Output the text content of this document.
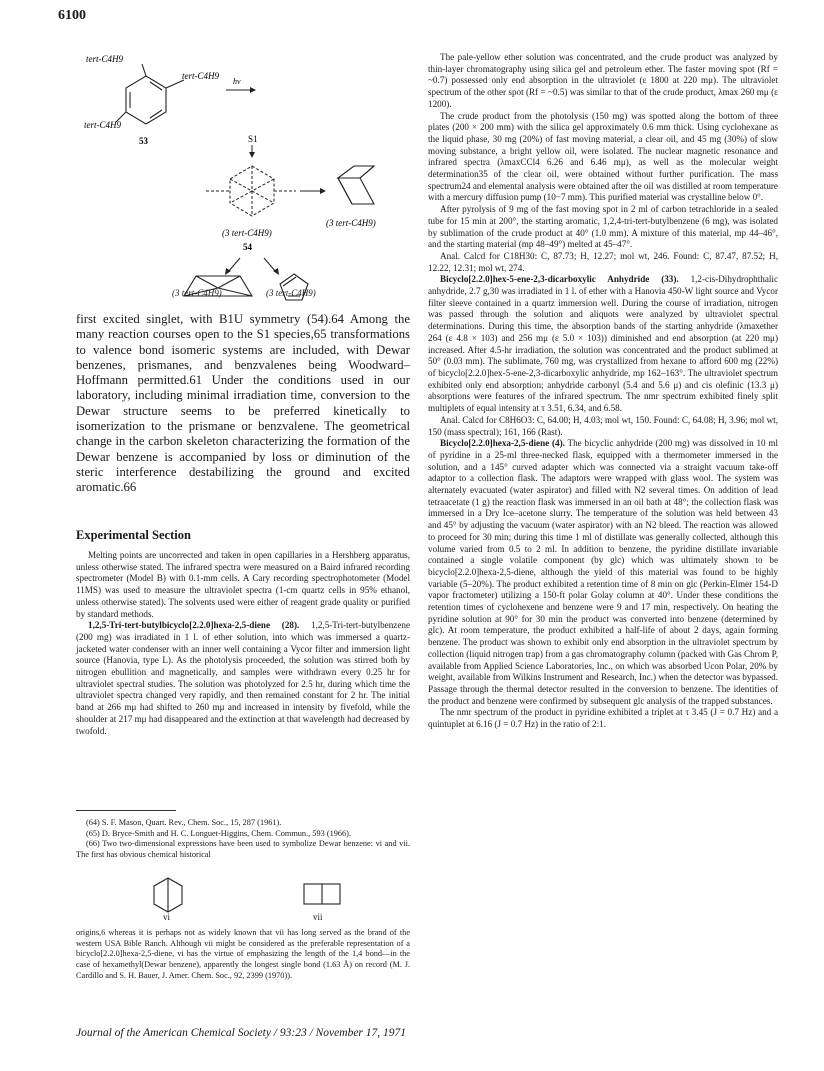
6100
tert-C4H9
tert-C4H9
tert-C4H9
53
hν
S1
(3 tert-C4H9)
54
(3 tert-C4H9)
(3 tert-C4H9)	(3 tert-C4H9)

first excited singlet, with B1U symmetry (54).64 Among the many reaction courses open to the S1 species,65 transformations to valence bond isomeric systems are included, with Dewar benzenes, prismanes, and benzvalenes being Woodward–Hoffmann permitted.61 Under the conditions used in our laboratory, including minimal irradiation time, conversion to the Dewar structure seems to be preferred kinetically to isomerization to the prismane or benzvalene. The geometrical change in the carbon skeleton characterizing the formation of the Dewar benzene is accompanied by loss or diminution of the steric interference destabilizing the ground and excited aromatic.66

Experimental Section

Melting points are uncorrected and taken in open capillaries in a Hershberg apparatus, unless otherwise stated. The infrared spectra were measured on a Baird infrared recording spectrometer (Model B) with 0.1-mm cells. A Cary recording spectrophotometer (Model 11MS) was used to measure the ultraviolet spectra (1-cm quartz cells in 95% ethanol, unless otherwise stated). The solvents used were either of reagent grade quality or purified by standard methods.

1,2,5-Tri-tert-butylbicyclo[2.2.0]hexa-2,5-diene (28). 1,2,5-Tri-tert-butylbenzene (200 mg) was irradiated in 1 l. of ether solution, into which was immersed a quartz-jacketed water condenser with an inner well containing a Vycor filter and immersion light source (Hanovia, type L). As the photolysis proceeded, the solution was stirred both by nitrogen ebullition and magnetically, and samples were withdrawn every 0.25 hr for ultraviolet spectral studies. The solution was photolyzed for 2.5 hr, during which time the ultraviolet spectra changed very rapidly, and then remained constant for 2 hr. The initial band at 266 mμ had shifted to 260 mμ and increased in intensity by fivefold, while the shoulder at 217 mμ had disappeared and the extinction at that wavelength had decreased by twofold.

(64) S. F. Mason, Quart. Rev., Chem. Soc., 15, 287 (1961).

(65) D. Bryce-Smith and H. C. Longuet-Higgins, Chem. Commun., 593 (1966).

(66) Two two-dimensional expressions have been used to symbolize Dewar benzene: vi and vii. The first has obvious chemical historical

vi	vii

origins,6 whereas it is perhaps not as widely known that vii has long served as the brand of the western USA Bible Ranch. Although vii might be considered as the preferable representation of a bicyclo[2.2.0]hexa-2,5-diene, vi has the virtue of emphasizing the length of the 1,4 bond—in the case of hexamethyl(Dewar benzene), apparently the longest single bond (1.63 Å) on record (M. J. Cardillo and S. H. Bauer, J. Amer. Chem. Soc., 92, 2399 (1970)).

The pale-yellow ether solution was concentrated, and the crude product was analyzed by thin-layer chromatography using silica gel and petroleum ether. The faster moving spot (Rf = ~0.7) possessed only end absorption in the ultraviolet (ε 1800 at 220 mμ). The ultraviolet spectrum of the other spot (Rf = ~0.5) was similar to that of the crude product, λmax 260 mμ (ε 1200).

The crude product from the photolysis (150 mg) was spotted along the bottom of three plates (200 × 200 mm) with the silica gel approximately 0.6 mm thick. Using cyclohexane as the liquid phase, 30 mg (20%) of fast moving material, a clear oil, and 45 mg (30%) of slow moving substance, a bright yellow oil, were isolated. The nuclear magnetic resonance and infrared spectra (λmaxCCl4 6.26 and 6.46 mμ), as well as the molecular weight determination35 of the clear oil, were obtained without further purification. The mass spectrum24 and elemental analysis were obtained after the oil was distilled at room temperature with a mercury diffusion pump (10−7 mm). This purified material was crystalline below 0°.

After pyrolysis of 9 mg of the fast moving spot in 2 ml of carbon tetrachloride in a sealed tube for 15 min at 200°, the starting aromatic, 1,2,4-tri-tert-butylbenzene (6 mg), was isolated by sublimation of the crude product at 40° (1.0 mm). A mixture of this material, mp 44–46°, and the starting material (mp 48–49°) melted at 45–47°.

Anal. Calcd for C18H30: C, 87.73; H, 12.27; mol wt, 246. Found: C, 87.47, 87.52; H, 12.22, 12.31; mol wt, 274.

Bicyclo[2.2.0]hex-5-ene-2,3-dicarboxylic Anhydride (33). 1,2-cis-Dihydrophthalic anhydride, 2.7 g,30 was irradiated in 1 l. of ether with a Hanovia 450-W light source and Vycor filter sleeve contained in a quartz immersion well. During the course of irradiation, nitrogen was passed through the solution and aliquots were analyzed by ultraviolet spectral determinations. During this time, the absorption bands of the starting anhydride (λmaxether 264 (ε 4.8 × 103) and 256 mμ (ε 5.0 × 103)) diminished and end absorption (at 220 mμ) increased. After 4.5-hr irradiation, the solution was concentrated and the product sublimed at 50° (0.03 mm). The sublimate, 760 mg, was crystallized from hexane to afford 600 mg (22%) of bicyclo[2.2.0]hex-5-ene-2,3-dicarboxylic anhydride, mp 162–163°. The ultraviolet spectrum exhibited only end absorption; anhydride carbonyl (5.4 and 5.6 μ) and cis olefinic (13.3 μ) absorptions were features of the infrared spectrum. The nmr spectrum exhibited finely split multiplets of equal intensity at τ 3.51, 6.34, and 6.58.

Anal. Calcd for C8H6O3: C, 64.00; H, 4.03; mol wt, 150. Found: C, 64.08; H, 3.96; mol wt, 150 (mass spectral); 161, 166 (Rast).

Bicyclo[2.2.0]hexa-2,5-diene (4). The bicyclic anhydride (200 mg) was dissolved in 10 ml of pyridine in a 25-ml three-necked flask, equipped with a thermometer immersed in the solution, and a 145° curved adapter which was connected via a straight vacuum take-off adaptor to a collection flask. The adaptors were wrapped with glass wool. The system was alternately evacuated (water aspirator) and filled with N2 several times. On addition of lead tetraacetate (1 g) the reaction flask was immersed in an oil bath at 48°; the collection flask was immersed in a Dry Ice–acetone slurry. The temperature of the solution was held between 43 and 45° by adjusting the vacuum (water aspirator) with an N2 bleed. The reaction was allowed to proceed for 30 min; during this time 1 ml of distillate was generally collected, although this volume varied from 0.5 to 2 ml. In addition to benzene, the pyridine distillate invariable contained a single volatile component (by glc) which was ultimately shown to be bicyclo[2.2.0]hexa-2,5-diene, although the yield of this material was found to be highly variable (5–20%). The product exhibited a retention time of 8 min on glc (Perkin-Elmer 154-D vapor fractometer) utilizing a 150-ft polar Golay column at 40°. Under these conditions the retention times of cyclohexene and benzene were 9 and 17 min, respectively. On heating the pyridine solution at 90° for 30 min the product was converted into benzene (determined by glc). At room temperature, the product exhibited a half-life of about 2 days, again forming benzene. The product was shown to exhibit only end absorption in the ultraviolet spectrum by collection (liquid nitrogen trap) from a gas chromatography column (packed with Gas Chrom P, available from Applied Science Laboratories, Inc., on which was absorbed Ucon Polar, 20% by weight, available from Wilkins Instrument and Research, Inc.) when the detector was bypassed. Passage through the thermal detector resulted in the conversion to benzene. The identities of the product and benzene were confirmed by subsequent glc analysis of the trapped substances.

The nmr spectrum of the product in pyridine exhibited a triplet at τ 3.45 (J = 0.7 Hz) and a quintuplet at 6.16 (J = 0.7 Hz) in the ratio of 2:1.

Journal of the American Chemical Society / 93:23 / November 17, 1971
